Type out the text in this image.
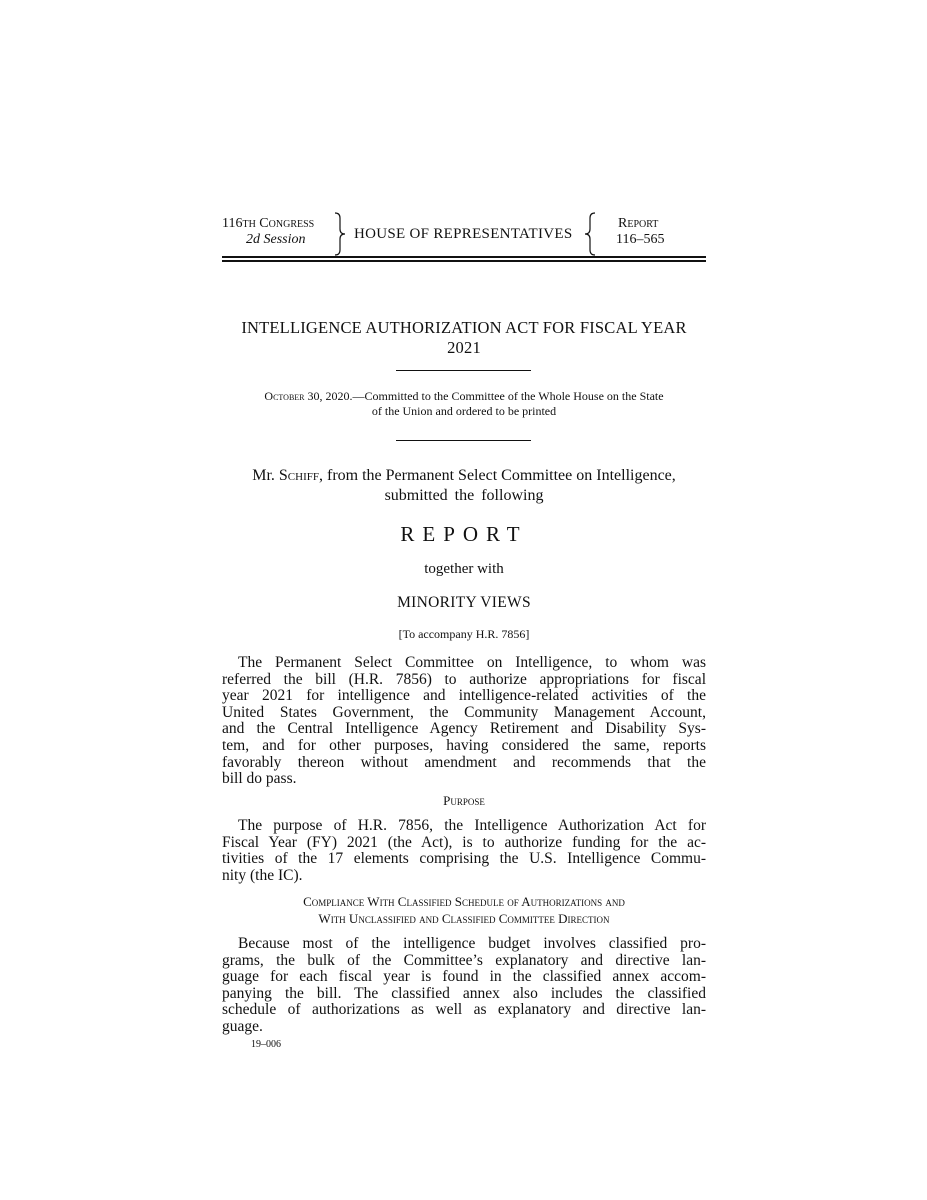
116th Congress
2d Session	HOUSE OF REPRESENTATIVES
Report
116–565
INTELLIGENCE AUTHORIZATION ACT FOR FISCAL YEAR
2021
October 30, 2020.—Committed to the Committee of the Whole House on the State
of the Union and ordered to be printed
Mr. Schiff, from the Permanent Select Committee on Intelligence,
submitted the following
REPORT
together with
MINORITY VIEWS
[To accompany H.R. 7856]
The Permanent Select Committee on Intelligence, to whom was
referred the bill (H.R. 7856) to authorize appropriations for fiscal
year 2021 for intelligence and intelligence-related activities of the
United States Government, the Community Management Account,
and the Central Intelligence Agency Retirement and Disability Sys-
tem, and for other purposes, having considered the same, reports
favorably thereon without amendment and recommends that the
bill do pass.
Purpose
The purpose of H.R. 7856, the Intelligence Authorization Act for
Fiscal Year (FY) 2021 (the Act), is to authorize funding for the ac-
tivities of the 17 elements comprising the U.S. Intelligence Commu-
nity (the IC).
Compliance With Classified Schedule of Authorizations and
With Unclassified and Classified Committee Direction
Because most of the intelligence budget involves classified pro-
grams, the bulk of the Committee’s explanatory and directive lan-
guage for each fiscal year is found in the classified annex accom-
panying the bill. The classified annex also includes the classified
schedule of authorizations as well as explanatory and directive lan-
guage.
19–006
